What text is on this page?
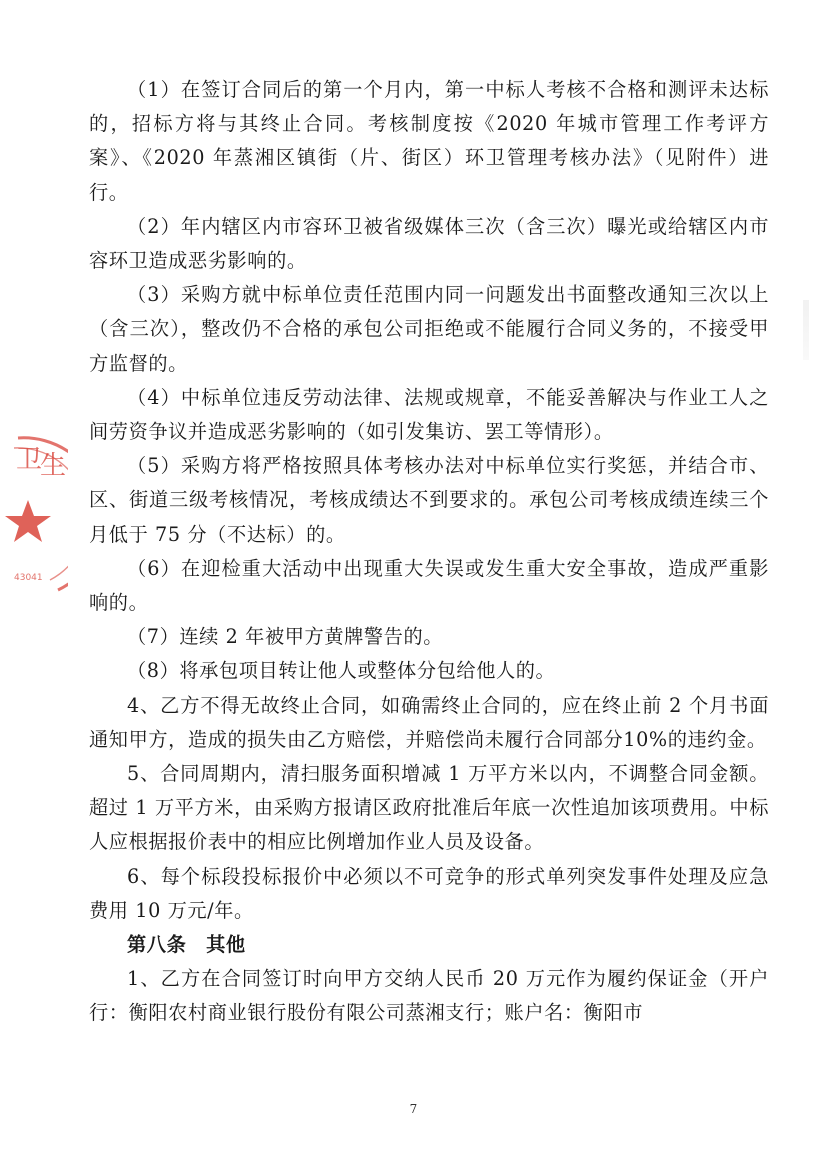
卫
生
43041

（1）在签订合同后的第一个月内，第一中标人考核不合格和测评未达标的，招标方将与其终止合同。考核制度按《2020 年城市管理工作考评方案》、《2020 年蒸湘区镇街（片、街区）环卫管理考核办法》（见附件）进行。

（2）年内辖区内市容环卫被省级媒体三次（含三次）曝光或给辖区内市容环卫造成恶劣影响的。

（3）采购方就中标单位责任范围内同一问题发出书面整改通知三次以上（含三次），整改仍不合格的承包公司拒绝或不能履行合同义务的，不接受甲方监督的。

（4）中标单位违反劳动法律、法规或规章，不能妥善解决与作业工人之间劳资争议并造成恶劣影响的（如引发集访、罢工等情形）。

（5）采购方将严格按照具体考核办法对中标单位实行奖惩，并结合市、区、街道三级考核情况，考核成绩达不到要求的。承包公司考核成绩连续三个月低于 75 分（不达标）的。

（6）在迎检重大活动中出现重大失误或发生重大安全事故，造成严重影响的。

（7）连续 2 年被甲方黄牌警告的。

（8）将承包项目转让他人或整体分包给他人的。

4、乙方不得无故终止合同，如确需终止合同的，应在终止前 2 个月书面通知甲方，造成的损失由乙方赔偿，并赔偿尚未履行合同部分10%的违约金。

5、合同周期内，清扫服务面积增减 1 万平方米以内，不调整合同金额。超过 1 万平方米，由采购方报请区政府批准后年底一次性追加该项费用。中标人应根据报价表中的相应比例增加作业人员及设备。

6、每个标段投标报价中必须以不可竞争的形式单列突发事件处理及应急费用 10 万元/年。

第八条　其他

1、乙方在合同签订时向甲方交纳人民币 20 万元作为履约保证金（开户行：衡阳农村商业银行股份有限公司蒸湘支行；账户名：衡阳市

7
